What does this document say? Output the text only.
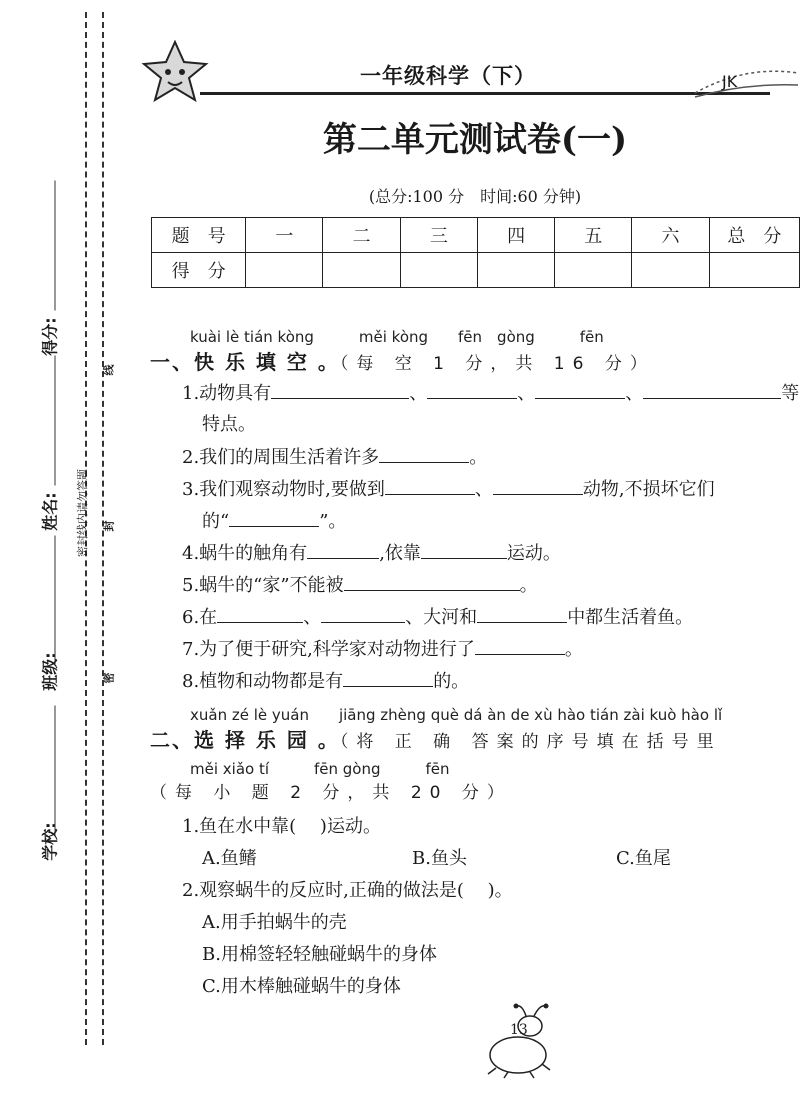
学校:
班级:
姓名:
得分:
密封线内请勿答题
线
封
密
一年级科学（下）	JK
第二单元测试卷(一)
(总分:100 分　时间:60 分钟)
题　号	一	二	三	四	五	六	总　分
得　分							
kuài lè tián kòng　　　měi kòng　　fēn　gòng　　　fēn
一、快 乐 填 空 。（每 空 1 分，共 16 分）
1.动物具有	、	、	、	等
特点。
2.我们的周围生活着许多	。
3.我们观察动物时,要做到	、	动物,不损坏它们
的“	”。
4.蜗牛的触角有	,依靠	运动。
5.蜗牛的“家”不能被	。
6.在	、	、大河和	中都生活着鱼。
7.为了便于研究,科学家对动物进行了	。
8.植物和动物都是有	的。
xuǎn zé lè yuán　　jiāng zhèng què dá àn de xù hào tián zài kuò hào lǐ
二、选 择 乐 园 。（将 正 确 答案的序号填在括号里
měi xiǎo tí　　　fēn gòng　　　fēn
（每 小 题 2 分，共 20 分）
1.鱼在水中靠(　 )运动。
A.鱼鳍	B.鱼头	C.鱼尾
2.观察蜗牛的反应时,正确的做法是(　 )。
A.用手拍蜗牛的壳
B.用棉签轻轻触碰蜗牛的身体
C.用木棒触碰蜗牛的身体
13
